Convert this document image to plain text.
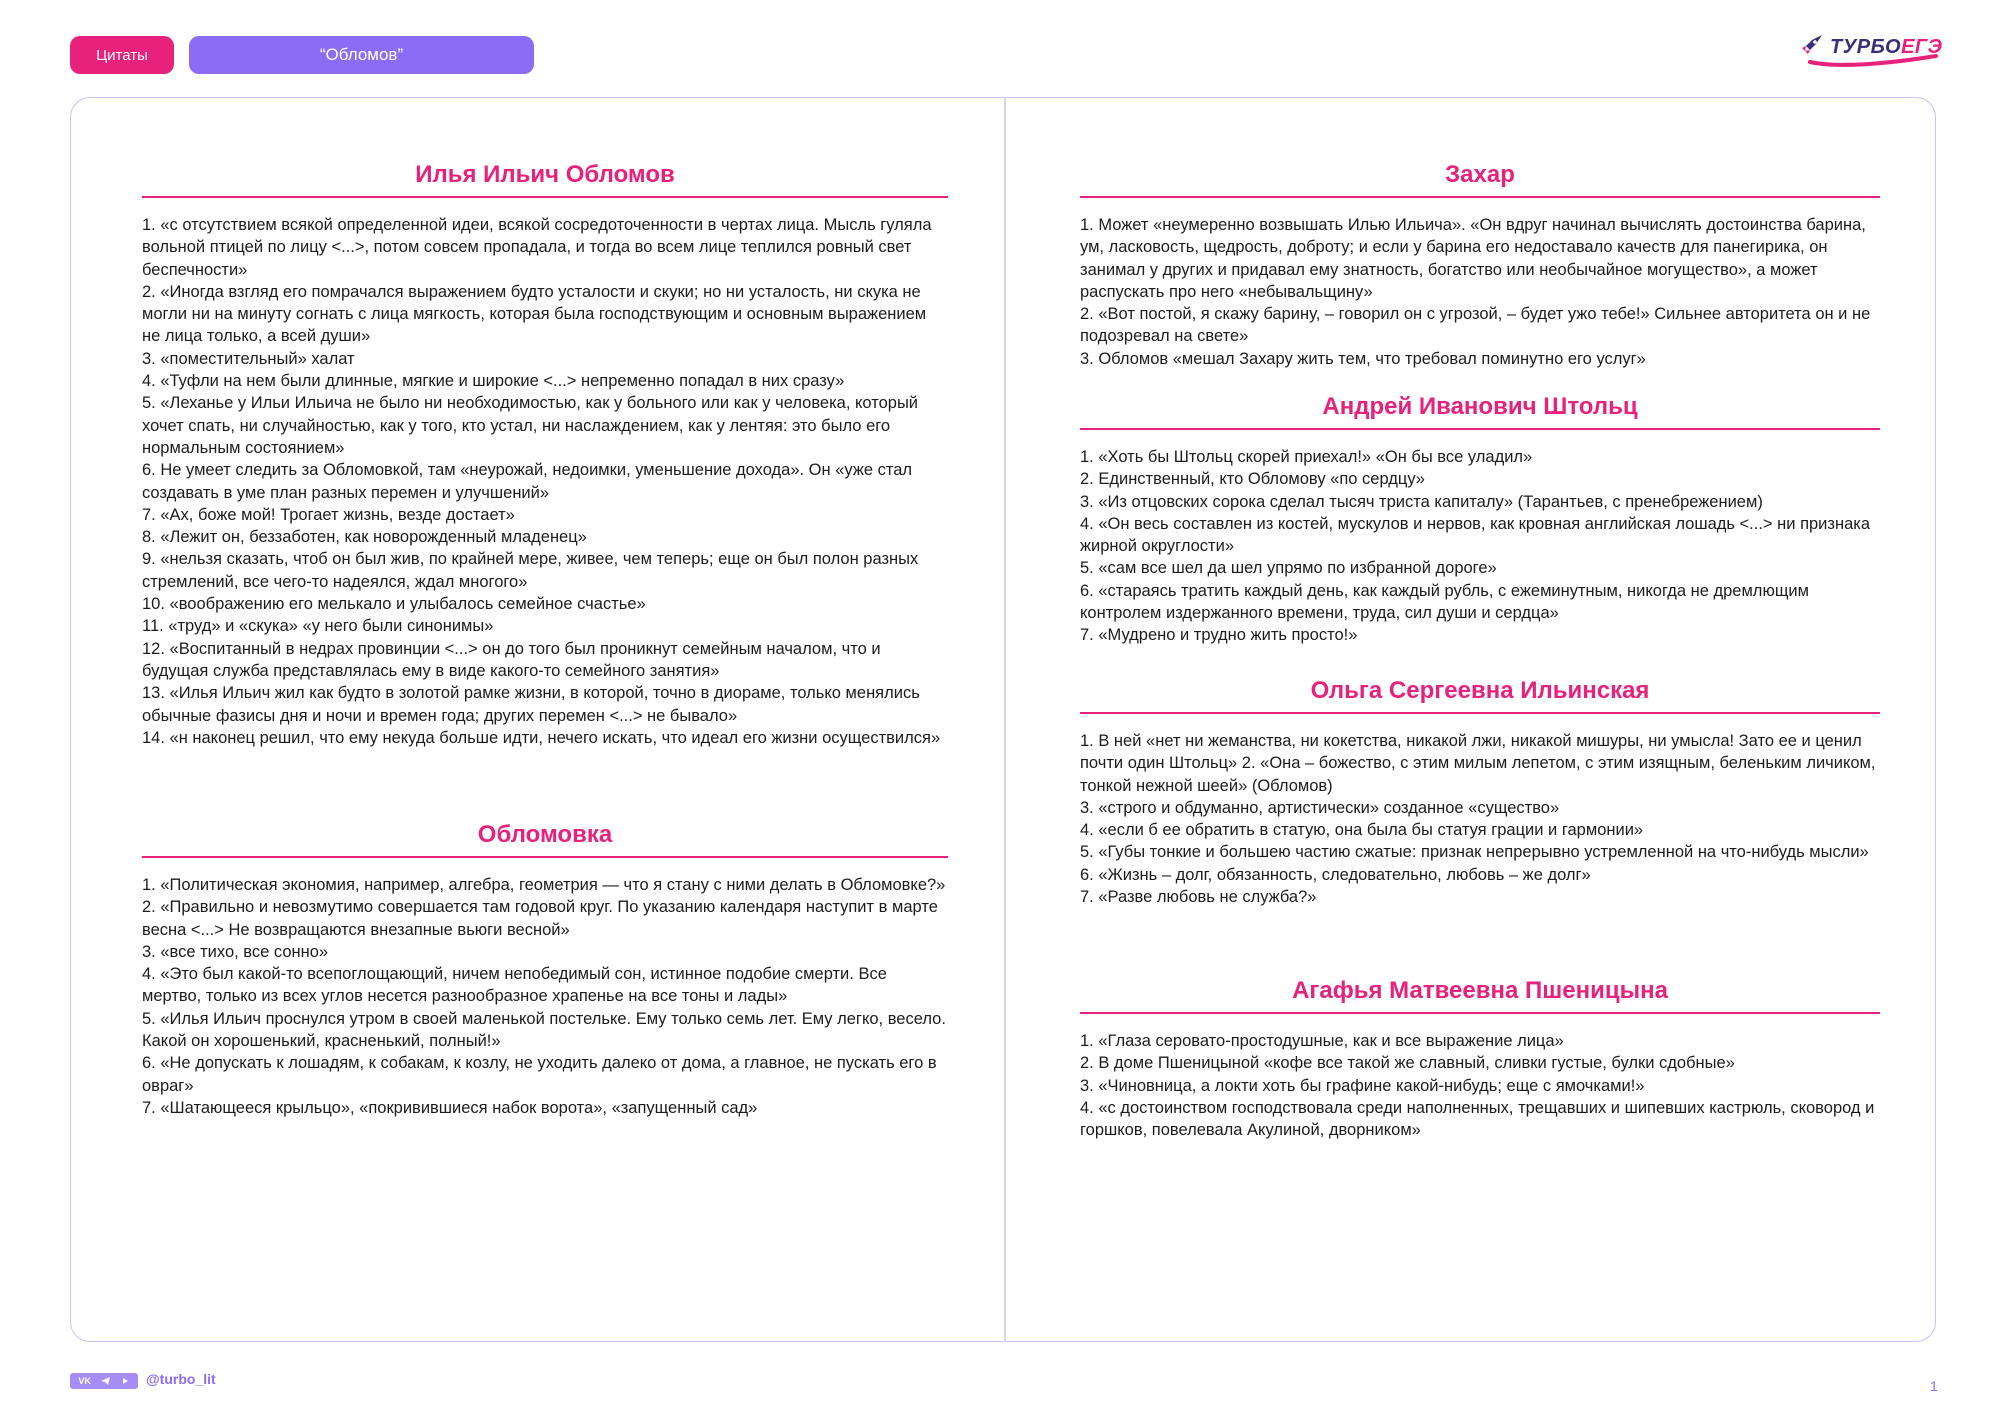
Цитаты	“Обломов”	ТУРБОЕГЭ
Илья Ильич Обломов
1. «с отсутствием всякой определенной идеи, всякой сосредоточенности в чертах лица. Мысль гуляла вольной птицей по лицу <...>, потом совсем пропадала, и тогда во всем лице теплился ровный свет беспечности»
2. «Иногда взгляд его помрачался выражением будто усталости и скуки; но ни усталость, ни скука не могли ни на минуту согнать с лица мягкость, которая была господствующим и основным выражением не лица только, а всей души»
3. «поместительный» халат
4. «Туфли на нем были длинные, мягкие и широкие <...> непременно попадал в них сразу»
5. «Леханье у Ильи Ильича не было ни необходимостью, как у больного или как у человека, который хочет спать, ни случайностью, как у того, кто устал, ни наслаждением, как у лентяя: это было его нормальным состоянием»
6. Не умеет следить за Обломовкой, там «неурожай, недоимки, уменьшение дохода». Он «уже стал создавать в уме план разных перемен и улучшений»
7. «Ах, боже мой! Трогает жизнь, везде достает»
8. «Лежит он, беззаботен, как новорожденный младенец»
9. «нельзя сказать, чтоб он был жив, по крайней мере, живее, чем теперь; еще он был полон разных стремлений, все чего-то надеялся, ждал многого»
10. «воображению его мелькало и улыбалось семейное счастье»
11. «труд» и «скука» «у него были синонимы»
12. «Воспитанный в недрах провинции <...> он до того был проникнут семейным началом, что и будущая служба представлялась ему в виде какого-то семейного занятия»
13. «Илья Ильич жил как будто в золотой рамке жизни, в которой, точно в диораме, только менялись обычные фазисы дня и ночи и времен года; других перемен <...> не бывало»
14. «н наконец решил, что ему некуда больше идти, нечего искать, что идеал его жизни осуществился»
Обломовка
1. «Политическая экономия, например, алгебра, геометрия — что я стану с ними делать в Обломовке?»
2. «Правильно и невозмутимо совершается там годовой круг. По указанию календаря наступит в марте весна <...> Не возвращаются внезапные вьюги весной»
3. «все тихо, все сонно»
4. «Это был какой-то всепоглощающий, ничем непобедимый сон, истинное подобие смерти. Все мертво, только из всех углов несется разнообразное храпенье на все тоны и лады»
5. «Илья Ильич проснулся утром в своей маленькой постельке. Ему только семь лет. Ему легко, весело. Какой он хорошенький, красненький, полный!»
6. «Не допускать к лошадям, к собакам, к козлу, не уходить далеко от дома, а главное, не пускать его в овраг»
7. «Шатающееся крыльцо», «покривившиеся набок ворота», «запущенный сад»
Захар
1. Может «неумеренно возвышать Илью Ильича». «Он вдруг начинал вычислять достоинства барина, ум, ласковость, щедрость, доброту; и если у барина его недоставало качеств для панегирика, он занимал у других и придавал ему знатность, богатство или необычайное могущество», а может распускать про него «небывальщину»
2. «Вот постой, я скажу барину, – говорил он с угрозой, – будет ужо тебе!» Сильнее авторитета он и не подозревал на свете»
3. Обломов «мешал Захару жить тем, что требовал поминутно его услуг»
Андрей Иванович Штольц
1. «Хоть бы Штольц скорей приехал!» «Он бы все уладил»
2. Единственный, кто Обломову «по сердцу»
3. «Из отцовских сорока сделал тысяч триста капиталу» (Тарантьев, с пренебрежением)
4. «Он весь составлен из костей, мускулов и нервов, как кровная английская лошадь <...> ни признака жирной округлости»
5. «сам все шел да шел упрямо по избранной дороге»
6. «стараясь тратить каждый день, как каждый рубль, с ежеминутным, никогда не дремлющим контролем издержанного времени, труда, сил души и сердца»
7. «Мудрено и трудно жить просто!»
Ольга Сергеевна Ильинская
1. В ней «нет ни жеманства, ни кокетства, никакой лжи, никакой мишуры, ни умысла! Зато ее и ценил почти один Штольц» 2. «Она – божество, с этим милым лепетом, с этим изящным, беленьким личиком, тонкой нежной шеей» (Обломов)
3. «строго и обдуманно, артистически» созданное «существо»
4. «если б ее обратить в статую, она была бы статуя грации и гармонии»
5. «Губы тонкие и большею частию сжатые: признак непрерывно устремленной на что-нибудь мысли»
6. «Жизнь – долг, обязанность, следовательно, любовь – же долг»
7. «Разве любовь не служба?»
Агафья Матвеевна Пшеницына
1. «Глаза серовато-простодушные, как и все выражение лица»
2. В доме Пшеницыной «кофе все такой же славный, сливки густые, булки сдобные»
3. «Чиновница, а локти хоть бы графине какой-нибудь; еще с ямочками!»
4. «с достоинством господствовала среди наполненных, трещавших и шипевших кастрюль, сковород и горшков, повелевала Акулиной, дворником»
VK	@turbo_lit	1
